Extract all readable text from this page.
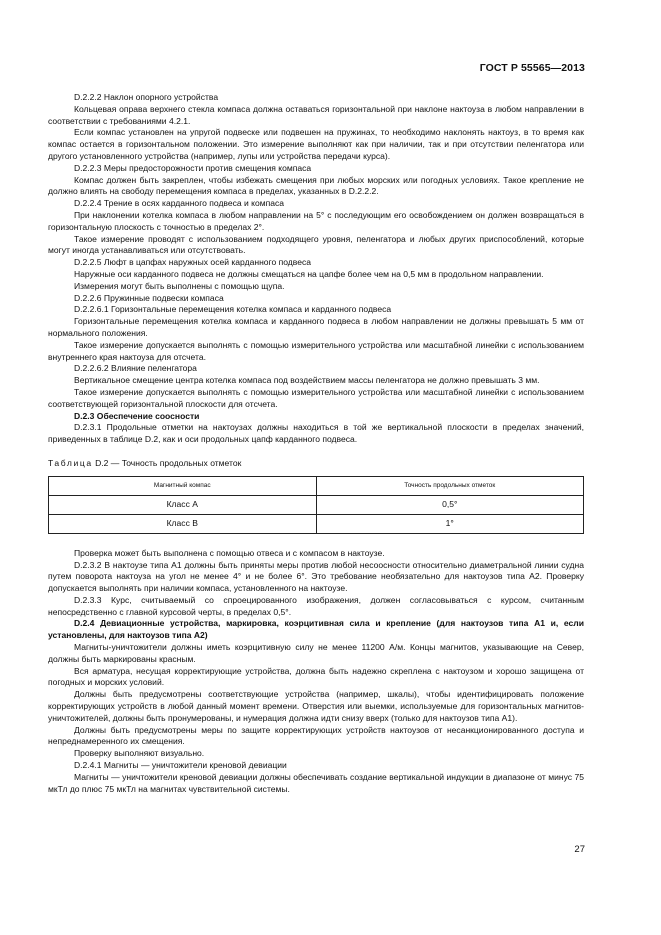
ГОСТ Р 55565—2013

D.2.2.2 Наклон опорного устройства

Кольцевая оправа верхнего стекла компаса должна оставаться горизонтальной при наклоне нактоуза в любом направлении в соответствии с требованиями 4.2.1.

Если компас установлен на упругой подвеске или подвешен на пружинах, то необходимо наклонять нактоуз, в то время как компас остается в горизонтальном положении. Это измерение выполняют как при наличии, так и при отсутствии пеленгатора или другого установленного устройства (например, лупы или устройства передачи курса).

D.2.2.3 Меры предосторожности против смещения компаса

Компас должен быть закреплен, чтобы избежать смещения при любых морских или погодных условиях. Такое крепление не должно влиять на свободу перемещения компаса в пределах, указанных в D.2.2.2.

D.2.2.4 Трение в осях карданного подвеса и компаса

При наклонении котелка компаса в любом направлении на 5° с последующим его освобождением он должен возвращаться в горизонтальную плоскость с точностью в пределах 2°.

Такое измерение проводят с использованием подходящего уровня, пеленгатора и любых других приспособлений, которые могут иногда устанавливаться или отсутствовать.

D.2.2.5 Люфт в цапфах наружных осей карданного подвеса

Наружные оси карданного подвеса не должны смещаться на цапфе более чем на 0,5 мм в продольном направлении.

Измерения могут быть выполнены с помощью щупа.

D.2.2.6 Пружинные подвески компаса

D.2.2.6.1 Горизонтальные перемещения котелка компаса и карданного подвеса

Горизонтальные перемещения котелка компаса и карданного подвеса в любом направлении не должны превышать 5 мм от нормального положения.

Такое измерение допускается выполнять с помощью измерительного устройства или масштабной линейки с использованием внутреннего края нактоуза для отсчета.

D.2.2.6.2 Влияние пеленгатора

Вертикальное смещение центра котелка компаса под воздействием массы пеленгатора не должно превышать 3 мм.

Такое измерение допускается выполнять с помощью измерительного устройства или масштабной линейки с использованием соответствующей горизонтальной плоскости для отсчета.

D.2.3 Обеспечение соосности

D.2.3.1 Продольные отметки на нактоузах должны находиться в той же вертикальной плоскости в пределах значений, приведенных в таблице D.2, как и оси продольных цапф карданного подвеса.

Таблица D.2 — Точность продольных отметок

Магнитный компас	Точность продольных отметок
Класс A	0,5°
Класс B	1°

Проверка может быть выполнена с помощью отвеса и с компасом в нактоузе.

D.2.3.2 В нактоузе типа A1 должны быть приняты меры против любой несоосности относительно диаметральной линии судна путем поворота нактоуза на угол не менее 4° и не более 6°. Это требование необязательно для нактоузов типа A2. Проверку допускается выполнять при наличии компаса, установленного на нактоузе.

D.2.3.3 Курс, считываемый со спроецированного изображения, должен согласовываться с курсом, считанным непосредственно с главной курсовой черты, в пределах 0,5°.

D.2.4 Девиационные устройства, маркировка, коэрцитивная сила и крепление (для нактоузов типа A1 и, если установлены, для нактоузов типа A2)

Магниты-уничтожители должны иметь коэрцитивную силу не менее 11200 А/м. Концы магнитов, указывающие на Север, должны быть маркированы красным.

Вся арматура, несущая корректирующие устройства, должна быть надежно скреплена с нактоузом и хорошо защищена от погодных и морских условий.

Должны быть предусмотрены соответствующие устройства (например, шкалы), чтобы идентифицировать положение корректирующих устройств в любой данный момент времени. Отверстия или выемки, используемые для горизонтальных магнитов-уничтожителей, должны быть пронумерованы, и нумерация должна идти снизу вверх (только для нактоузов типа A1).

Должны быть предусмотрены меры по защите корректирующих устройств нактоузов от несанкционированного доступа и непреднамеренного их смещения.

Проверку выполняют визуально.

D.2.4.1 Магниты — уничтожители креновой девиации

Магниты — уничтожители креновой девиации должны обеспечивать создание вертикальной индукции в диапазоне от минус 75 мкТл до плюс 75 мкТл на магнитах чувствительной системы.

27
